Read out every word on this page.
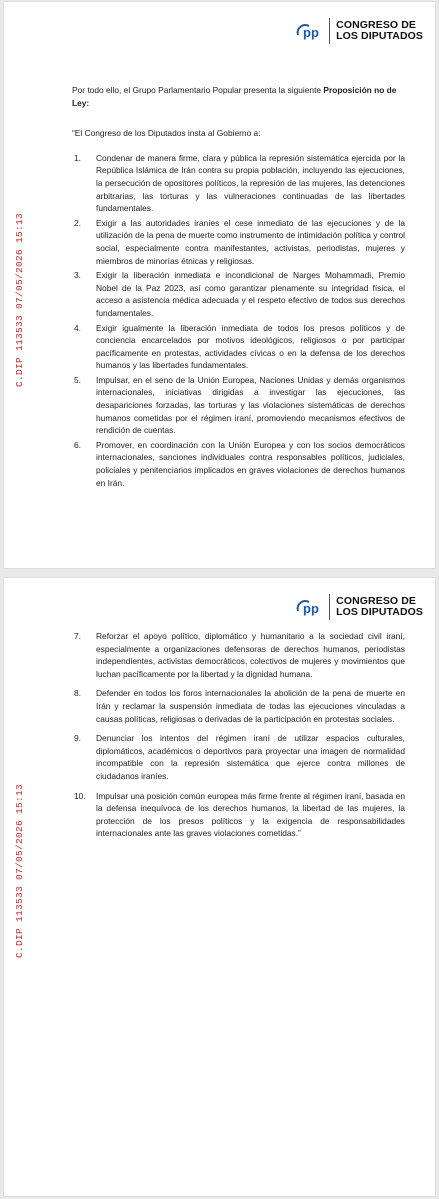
pp CONGRESO DE
LOS DIPUTADOS
C.DIP 113533 07/05/2026 15:13
Por todo ello, el Grupo Parlamentario Popular presenta la siguiente Proposición no de Ley:
“El Congreso de los Diputados insta al Gobierno a:
1.	Condenar de manera firme, clara y pública la represión sistemática ejercida por la República Islámica de Irán contra su propia población, incluyendo las ejecuciones, la persecución de opositores políticos, la represión de las mujeres, las detenciones arbitrarias, las torturas y las vulneraciones continuadas de las libertades fundamentales.
2.	Exigir a las autoridades iraníes el cese inmediato de las ejecuciones y de la utilización de la pena de muerte como instrumento de intimidación política y control social, especialmente contra manifestantes, activistas, periodistas, mujeres y miembros de minorías étnicas y religiosas.
3.	Exigir la liberación inmediata e incondicional de Narges Mohammadi, Premio Nobel de la Paz 2023, así como garantizar plenamente su integridad física, el acceso a asistencia médica adecuada y el respeto efectivo de todos sus derechos fundamentales.
4.	Exigir igualmente la liberación inmediata de todos los presos políticos y de conciencia encarcelados por motivos ideológicos, religiosos o por participar pacíficamente en protestas, actividades cívicas o en la defensa de los derechos humanos y las libertades fundamentales.
5.	Impulsar, en el seno de la Unión Europea, Naciones Unidas y demás organismos internacionales, iniciativas dirigidas a investigar las ejecuciones, las desapariciones forzadas, las torturas y las violaciones sistemáticas de derechos humanos cometidas por el régimen iraní, promoviendo mecanismos efectivos de rendición de cuentas.
6.	Promover, en coordinación con la Unión Europea y con los socios democráticos internacionales, sanciones individuales contra responsables políticos, judiciales, policiales y penitenciarios implicados en graves violaciones de derechos humanos en Irán.
pp CONGRESO DE
LOS DIPUTADOS
C.DIP 113533 07/05/2026 15:13
7.	Reforzar el apoyo político, diplomático y humanitario a la sociedad civil iraní, especialmente a organizaciones defensoras de derechos humanos, periodistas independientes, activistas democráticos, colectivos de mujeres y movimientos que luchan pacíficamente por la libertad y la dignidad humana.
8.	Defender en todos los foros internacionales la abolición de la pena de muerte en Irán y reclamar la suspensión inmediata de todas las ejecuciones vinculadas a causas políticas, religiosas o derivadas de la participación en protestas sociales.
9.	Denunciar los intentos del régimen iraní de utilizar espacios culturales, diplomáticos, académicos o deportivos para proyectar una imagen de normalidad incompatible con la represión sistemática que ejerce contra millones de ciudadanos iraníes.
10.	Impulsar una posición común europea más firme frente al régimen iraní, basada en la defensa inequívoca de los derechos humanos, la libertad de las mujeres, la protección de los presos políticos y la exigencia de responsabilidades internacionales ante las graves violaciones cometidas.”
